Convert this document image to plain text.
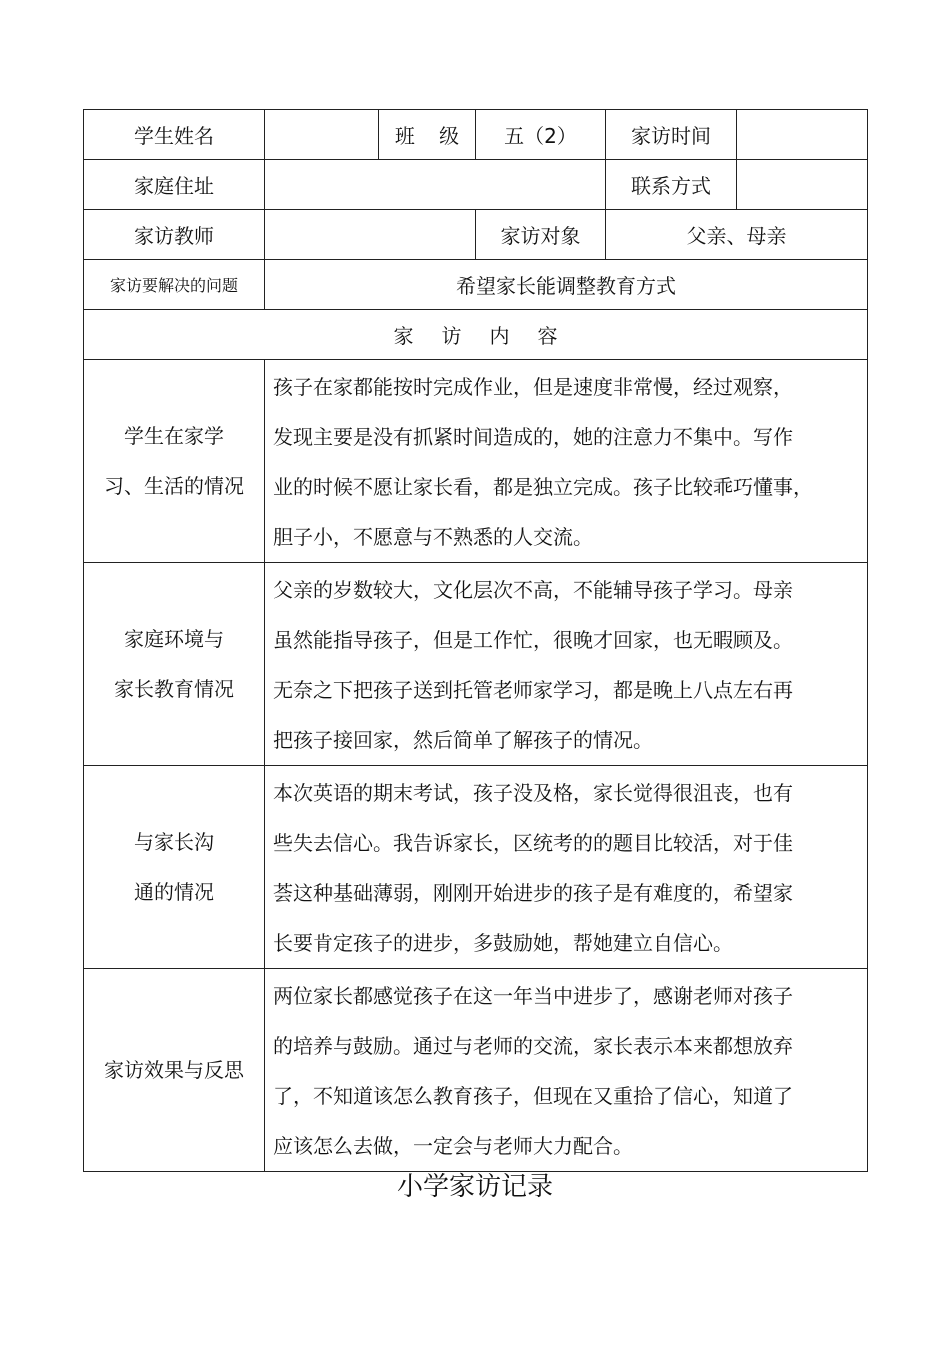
学生姓名		班 级	五（2）	家访时间	
家庭住址				联系方式	
家访教师			家访对象	父亲、母亲	
家访要解决的问题	希望家长能调整教育方式				
家访内容					

学生在家学
习、生活的情况	孩子在家都能按时完成作业，但是速度非常慢，经过观察，
发现主要是没有抓紧时间造成的，她的注意力不集中。写作
业的时候不愿让家长看，都是独立完成。孩子比较乖巧懂事，
胆子小，不愿意与不熟悉的人交流。				

家庭环境与
家长教育情况	父亲的岁数较大，文化层次不高，不能辅导孩子学习。母亲
虽然能指导孩子，但是工作忙，很晚才回家，也无暇顾及。
无奈之下把孩子送到托管老师家学习，都是晚上八点左右再
把孩子接回家，然后简单了解孩子的情况。				

与家长沟
通的情况	本次英语的期末考试，孩子没及格，家长觉得很沮丧，也有
些失去信心。我告诉家长，区统考的的题目比较活，对于佳
荟这种基础薄弱，刚刚开始进步的孩子是有难度的，希望家
长要肯定孩子的进步，多鼓励她，帮她建立自信心。				

家访效果与反思	两位家长都感觉孩子在这一年当中进步了，感谢老师对孩子
的培养与鼓励。通过与老师的交流，家长表示本来都想放弃
了，不知道该怎么教育孩子，但现在又重拾了信心，知道了
应该怎么去做，一定会与老师大力配合。				
小学家访记录
